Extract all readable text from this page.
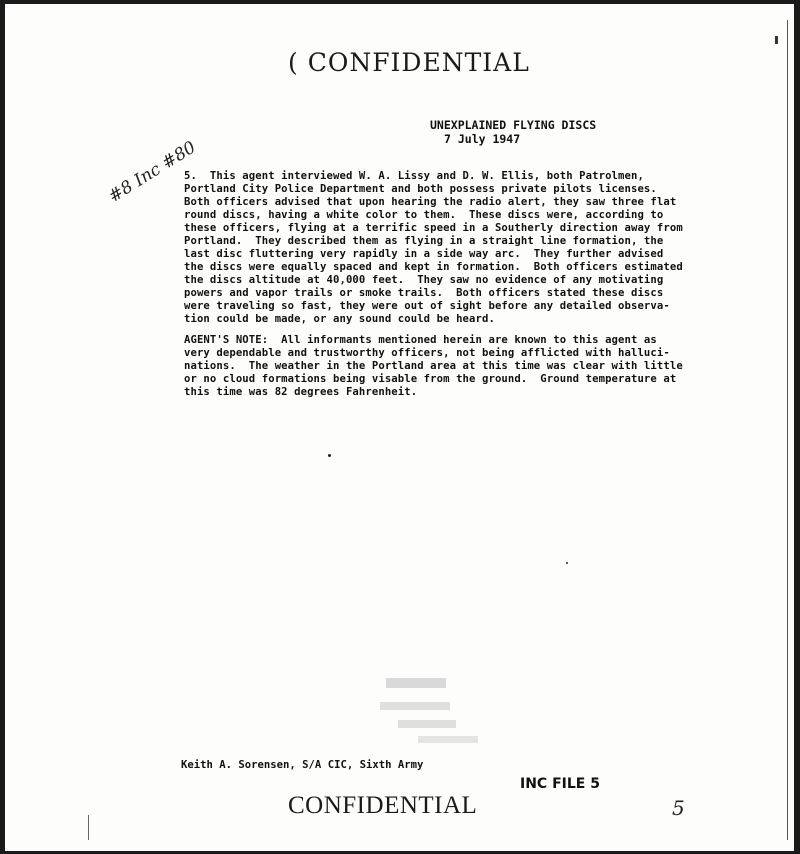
( CONFIDENTIAL
UNEXPLAINED FLYING DISCS
7 July 1947
#8 Inc #80
5.  This agent interviewed W. A. Lissy and D. W. Ellis, both Patrolmen,
Portland City Police Department and both possess private pilots licenses.
Both officers advised that upon hearing the radio alert, they saw three flat
round discs, having a white color to them.  These discs were, according to
these officers, flying at a terrific speed in a Southerly direction away from
Portland.  They described them as flying in a straight line formation, the
last disc fluttering very rapidly in a side way arc.  They further advised
the discs were equally spaced and kept in formation.  Both officers estimated
the discs altitude at 40,000 feet.  They saw no evidence of any motivating
powers and vapor trails or smoke trails.  Both officers stated these discs
were traveling so fast, they were out of sight before any detailed observa-
tion could be made, or any sound could be heard.
AGENT'S NOTE:  All informants mentioned herein are known to this agent as
very dependable and trustworthy officers, not being afflicted with halluci-
nations.  The weather in the Portland area at this time was clear with little
or no cloud formations being visable from the ground.  Ground temperature at
this time was 82 degrees Fahrenheit.
Keith A. Sorensen, S/A CIC, Sixth Army
INC FILE 5
5
CONFIDENTIAL
